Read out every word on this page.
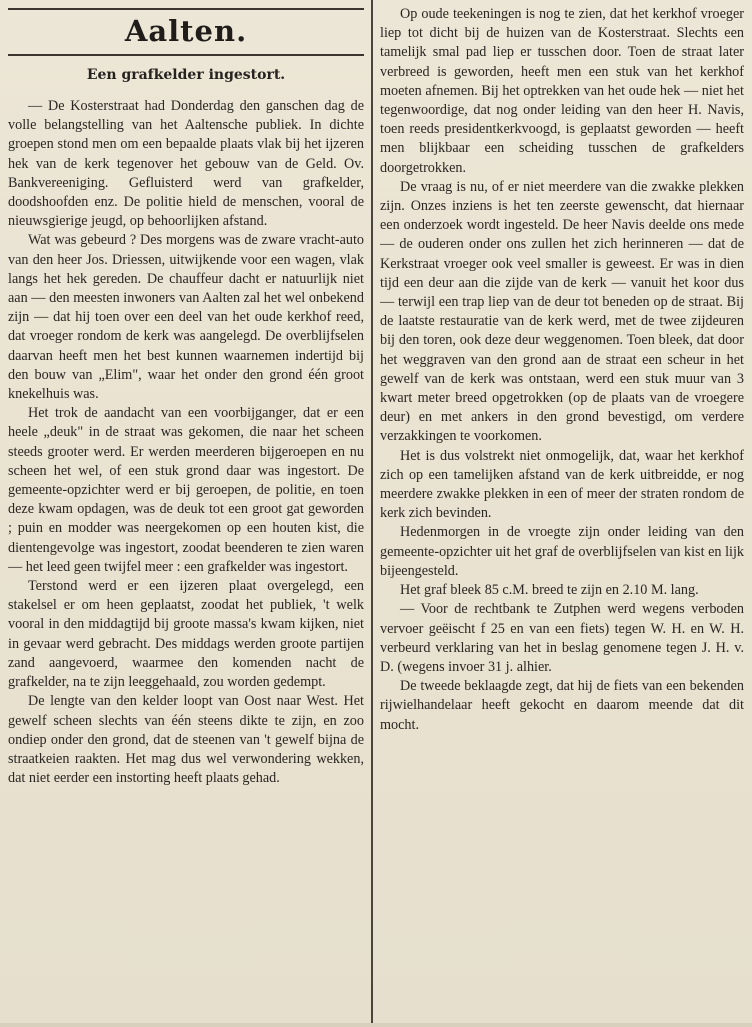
Aalten.
Een grafkelder ingestort.

— De Kosterstraat had Donderdag den ganschen dag de volle belangstelling van het Aaltensche publiek. In dichte groepen stond men om een bepaalde plaats vlak bij het ijzeren hek van de kerk tegenover het gebouw van de Geld. Ov. Bankvereeniging. Gefluisterd werd van grafkelder, doodshoofden enz. De politie hield de menschen, vooral de nieuwsgierige jeugd, op behoorlijken afstand.

Wat was gebeurd ? Des morgens was de zware vracht-auto van den heer Jos. Driessen, uitwijkende voor een wagen, vlak langs het hek gereden. De chauffeur dacht er natuurlijk niet aan — den meesten inwoners van Aalten zal het wel onbekend zijn — dat hij toen over een deel van het oude kerkhof reed, dat vroeger rondom de kerk was aangelegd. De overblijfselen daarvan heeft men het best kunnen waarnemen indertijd bij den bouw van „Elim", waar het onder den grond één groot knekelhuis was.

Het trok de aandacht van een voorbijganger, dat er een heele „deuk" in de straat was gekomen, die naar het scheen steeds grooter werd. Er werden meerderen bijgeroepen en nu scheen het wel, of een stuk grond daar was ingestort. De gemeente-opzichter werd er bij geroepen, de politie, en toen deze kwam opdagen, was de deuk tot een groot gat geworden ; puin en modder was neergekomen op een houten kist, die dientengevolge was ingestort, zoodat beenderen te zien waren — het leed geen twijfel meer : een grafkelder was ingestort.

Terstond werd er een ijzeren plaat overgelegd, een stakelsel er om heen geplaatst, zoodat het publiek, 't welk vooral in den middagtijd bij groote massa's kwam kijken, niet in gevaar werd gebracht. Des middags werden groote partijen zand aangevoerd, waarmee den komenden nacht de grafkelder, na te zijn leeggehaald, zou worden gedempt.

De lengte van den kelder loopt van Oost naar West. Het gewelf scheen slechts van één steens dikte te zijn, en zoo ondiep onder den grond, dat de steenen van 't gewelf bijna de straatkeien raakten. Het mag dus wel verwondering wekken, dat niet eerder een instorting heeft plaats gehad.

Op oude teekeningen is nog te zien, dat het kerkhof vroeger liep tot dicht bij de huizen van de Kosterstraat. Slechts een tamelijk smal pad liep er tusschen door. Toen de straat later verbreed is geworden, heeft men een stuk van het kerkhof moeten afnemen. Bij het optrekken van het oude hek — niet het tegenwoordige, dat nog onder leiding van den heer H. Navis, toen reeds presidentkerkvoogd, is geplaatst geworden — heeft men blijkbaar een scheiding tusschen de grafkelders doorgetrokken.

De vraag is nu, of er niet meerdere van die zwakke plekken zijn. Onzes inziens is het ten zeerste gewenscht, dat hiernaar een onderzoek wordt ingesteld. De heer Navis deelde ons mede — de ouderen onder ons zullen het zich herinneren — dat de Kerkstraat vroeger ook veel smaller is geweest. Er was in dien tijd een deur aan die zijde van de kerk — vanuit het koor dus — terwijl een trap liep van de deur tot beneden op de straat. Bij de laatste restauratie van de kerk werd, met de twee zijdeuren bij den toren, ook deze deur weggenomen. Toen bleek, dat door het weggraven van den grond aan de straat een scheur in het gewelf van de kerk was ontstaan, werd een stuk muur van 3 kwart meter breed opgetrokken (op de plaats van de vroegere deur) en met ankers in den grond bevestigd, om verdere verzakkingen te voorkomen.

Het is dus volstrekt niet onmogelijk, dat, waar het kerkhof zich op een tamelijken afstand van de kerk uitbreidde, er nog meerdere zwakke plekken in een of meer der straten rondom de kerk zich bevinden.

Hedenmorgen in de vroegte zijn onder leiding van den gemeente-opzichter uit het graf de overblijfselen van kist en lijk bijeengesteld.

Het graf bleek 85 c.M. breed te zijn en 2.10 M. lang.

— Voor de rechtbank te Zutphen werd wegens verboden vervoer geëischt f 25 en van een fiets) tegen W. H. en W. H. verbeurd verklaring van het in beslag genomene tegen J. H. v. D. (wegens invoer 31 j. alhier.

De tweede beklaagde zegt, dat hij de fiets van een bekenden rijwielhandelaar heeft gekocht en daarom meende dat dit mocht.
